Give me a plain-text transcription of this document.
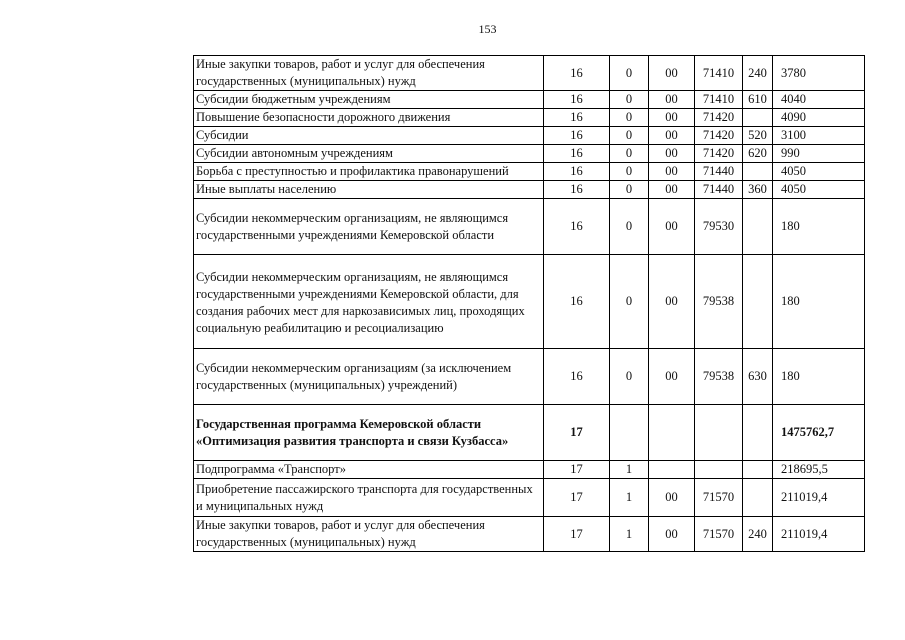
153
Иные закупки товаров, работ и услуг для обеспечения государственных (муниципальных) нужд	16	0	00	71410	240	3780
Субсидии бюджетным учреждениям	16	0	00	71410	610	4040
Повышение безопасности дорожного движения	16	0	00	71420		4090
Субсидии	16	0	00	71420	520	3100
Субсидии автономным учреждениям	16	0	00	71420	620	990
Борьба с преступностью и профилактика правонарушений	16	0	00	71440		4050
Иные выплаты населению	16	0	00	71440	360	4050
Субсидии некоммерческим организациям, не являющимся государственными учреждениями Кемеровской области	16	0	00	79530		180
Субсидии некоммерческим организациям, не являющимся государственными учреждениями Кемеровской области, для создания рабочих мест для наркозависимых лиц, проходящих социальную реабилитацию и ресоциализацию	16	0	00	79538		180
Субсидии некоммерческим организациям (за исключением государственных (муниципальных) учреждений)	16	0	00	79538	630	180
Государственная программа Кемеровской области «Оптимизация развития транспорта и связи Кузбасса»	17					1475762,7
Подпрограмма «Транспорт»	17	1				218695,5
Приобретение пассажирского транспорта для государственных и муниципальных нужд	17	1	00	71570		211019,4
Иные закупки товаров, работ и услуг для обеспечения государственных (муниципальных) нужд	17	1	00	71570	240	211019,4
